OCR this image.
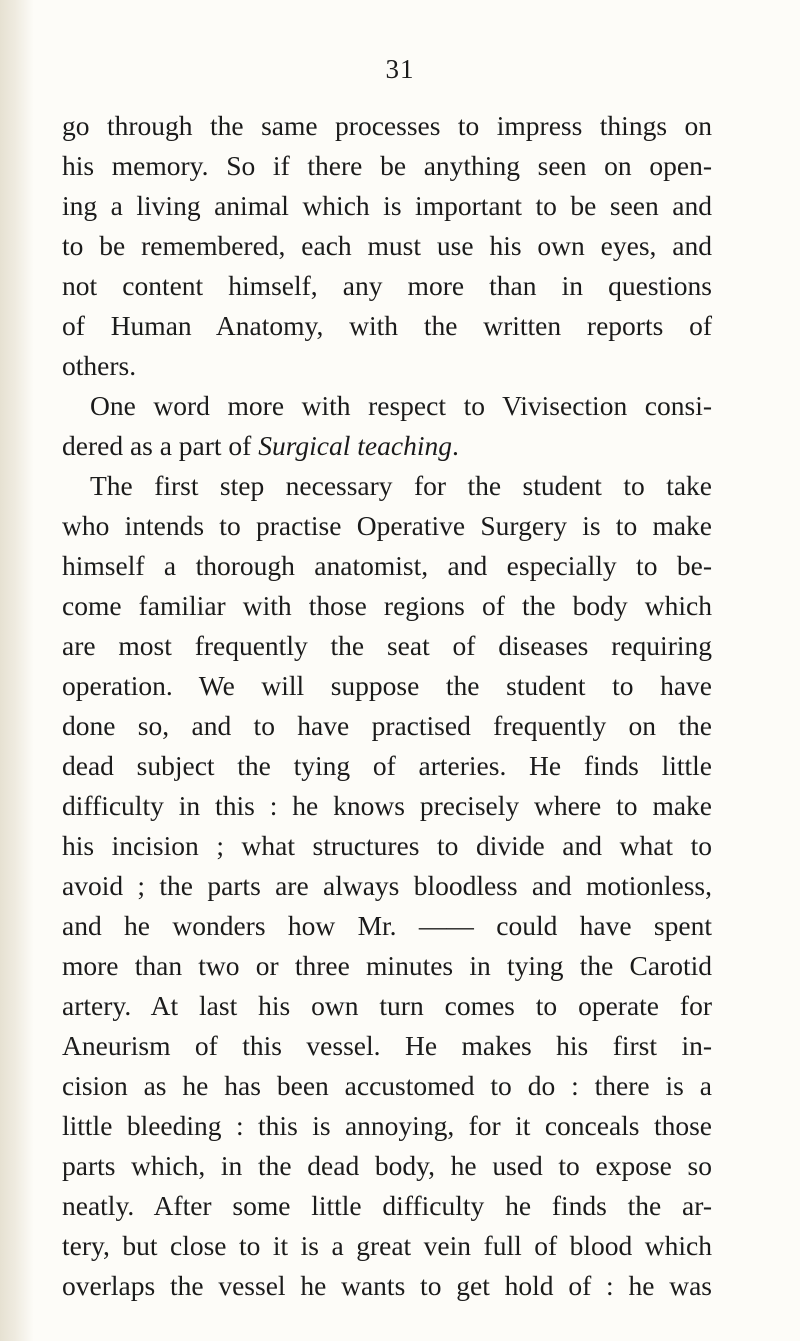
31
go through the same processes to impress things on
his memory. So if there be anything seen on open-
ing a living animal which is important to be seen and
to be remembered, each must use his own eyes, and
not content himself, any more than in questions
of Human Anatomy, with the written reports of
others.
One word more with respect to Vivisection consi-
dered as a part of Surgical teaching.
The first step necessary for the student to take
who intends to practise Operative Surgery is to make
himself a thorough anatomist, and especially to be-
come familiar with those regions of the body which
are most frequently the seat of diseases requiring
operation. We will suppose the student to have
done so, and to have practised frequently on the
dead subject the tying of arteries. He finds little
difficulty in this : he knows precisely where to make
his incision ; what structures to divide and what to
avoid ; the parts are always bloodless and motionless,
and he wonders how Mr. —— could have spent
more than two or three minutes in tying the Carotid
artery. At last his own turn comes to operate for
Aneurism of this vessel. He makes his first in-
cision as he has been accustomed to do : there is a
little bleeding : this is annoying, for it conceals those
parts which, in the dead body, he used to expose so
neatly. After some little difficulty he finds the ar-
tery, but close to it is a great vein full of blood which
overlaps the vessel he wants to get hold of : he was
